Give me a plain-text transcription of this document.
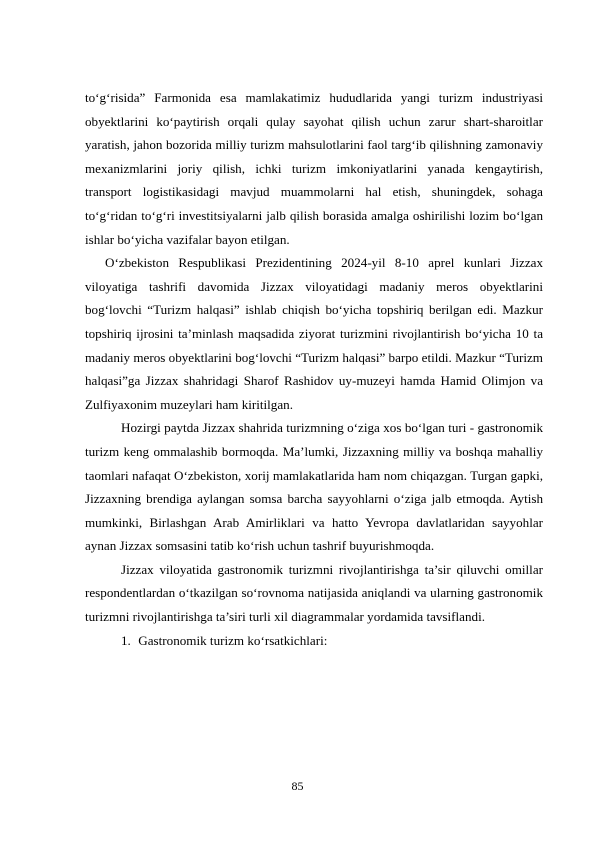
to‘g‘risida” Farmonida esa mamlakatimiz hududlarida yangi turizm industriyasi obyektlarini ko‘paytirish orqali qulay sayohat qilish uchun zarur shart-sharoitlar yaratish, jahon bozorida milliy turizm mahsulotlarini faol targ‘ib qilishning zamonaviy mexanizmlarini joriy qilish, ichki turizm imkoniyatlarini yanada kengaytirish, transport logistikasidagi mavjud muammolarni hal etish, shuningdek, sohaga to‘g‘ridan to‘g‘ri investitsiyalarni jalb qilish borasida amalga oshirilishi lozim bo‘lgan ishlar bo‘yicha vazifalar bayon etilgan.

O‘zbekiston Respublikasi Prezidentining 2024-yil 8-10 aprel kunlari Jizzax viloyatiga tashrifi davomida Jizzax viloyatidagi madaniy meros obyektlarini bog‘lovchi “Turizm halqasi” ishlab chiqish bo‘yicha topshiriq berilgan edi. Mazkur topshiriq ijrosini ta’minlash maqsadida ziyorat turizmini rivojlantirish bo‘yicha 10 ta madaniy meros obyektlarini bog‘lovchi “Turizm halqasi” barpo etildi. Mazkur “Turizm halqasi”ga Jizzax shahridagi Sharof Rashidov uy-muzeyi hamda Hamid Olimjon va Zulfiyaxonim muzeylari ham kiritilgan.

Hozirgi paytda Jizzax shahrida turizmning o‘ziga xos bo‘lgan turi - gastronomik turizm keng ommalashib bormoqda. Ma’lumki, Jizzaxning milliy va boshqa mahalliy taomlari nafaqat O‘zbekiston, xorij mamlakatlarida ham nom chiqazgan. Turgan gapki, Jizzaxning brendiga aylangan somsa barcha sayyohlarni o‘ziga jalb etmoqda. Aytish mumkinki, Birlashgan Arab Amirliklari va hatto Yevropa davlatlaridan sayyohlar aynan Jizzax somsasini tatib ko‘rish uchun tashrif buyurishmoqda.

Jizzax viloyatida gastronomik turizmni rivojlantirishga ta’sir qiluvchi omillar respondentlardan o‘tkazilgan so‘rovnoma natijasida aniqlandi va ularning gastronomik turizmni rivojlantirishga ta’siri turli xil diagrammalar yordamida tavsiflandi.

1. Gastronomik turizm ko‘rsatkichlari:

85
